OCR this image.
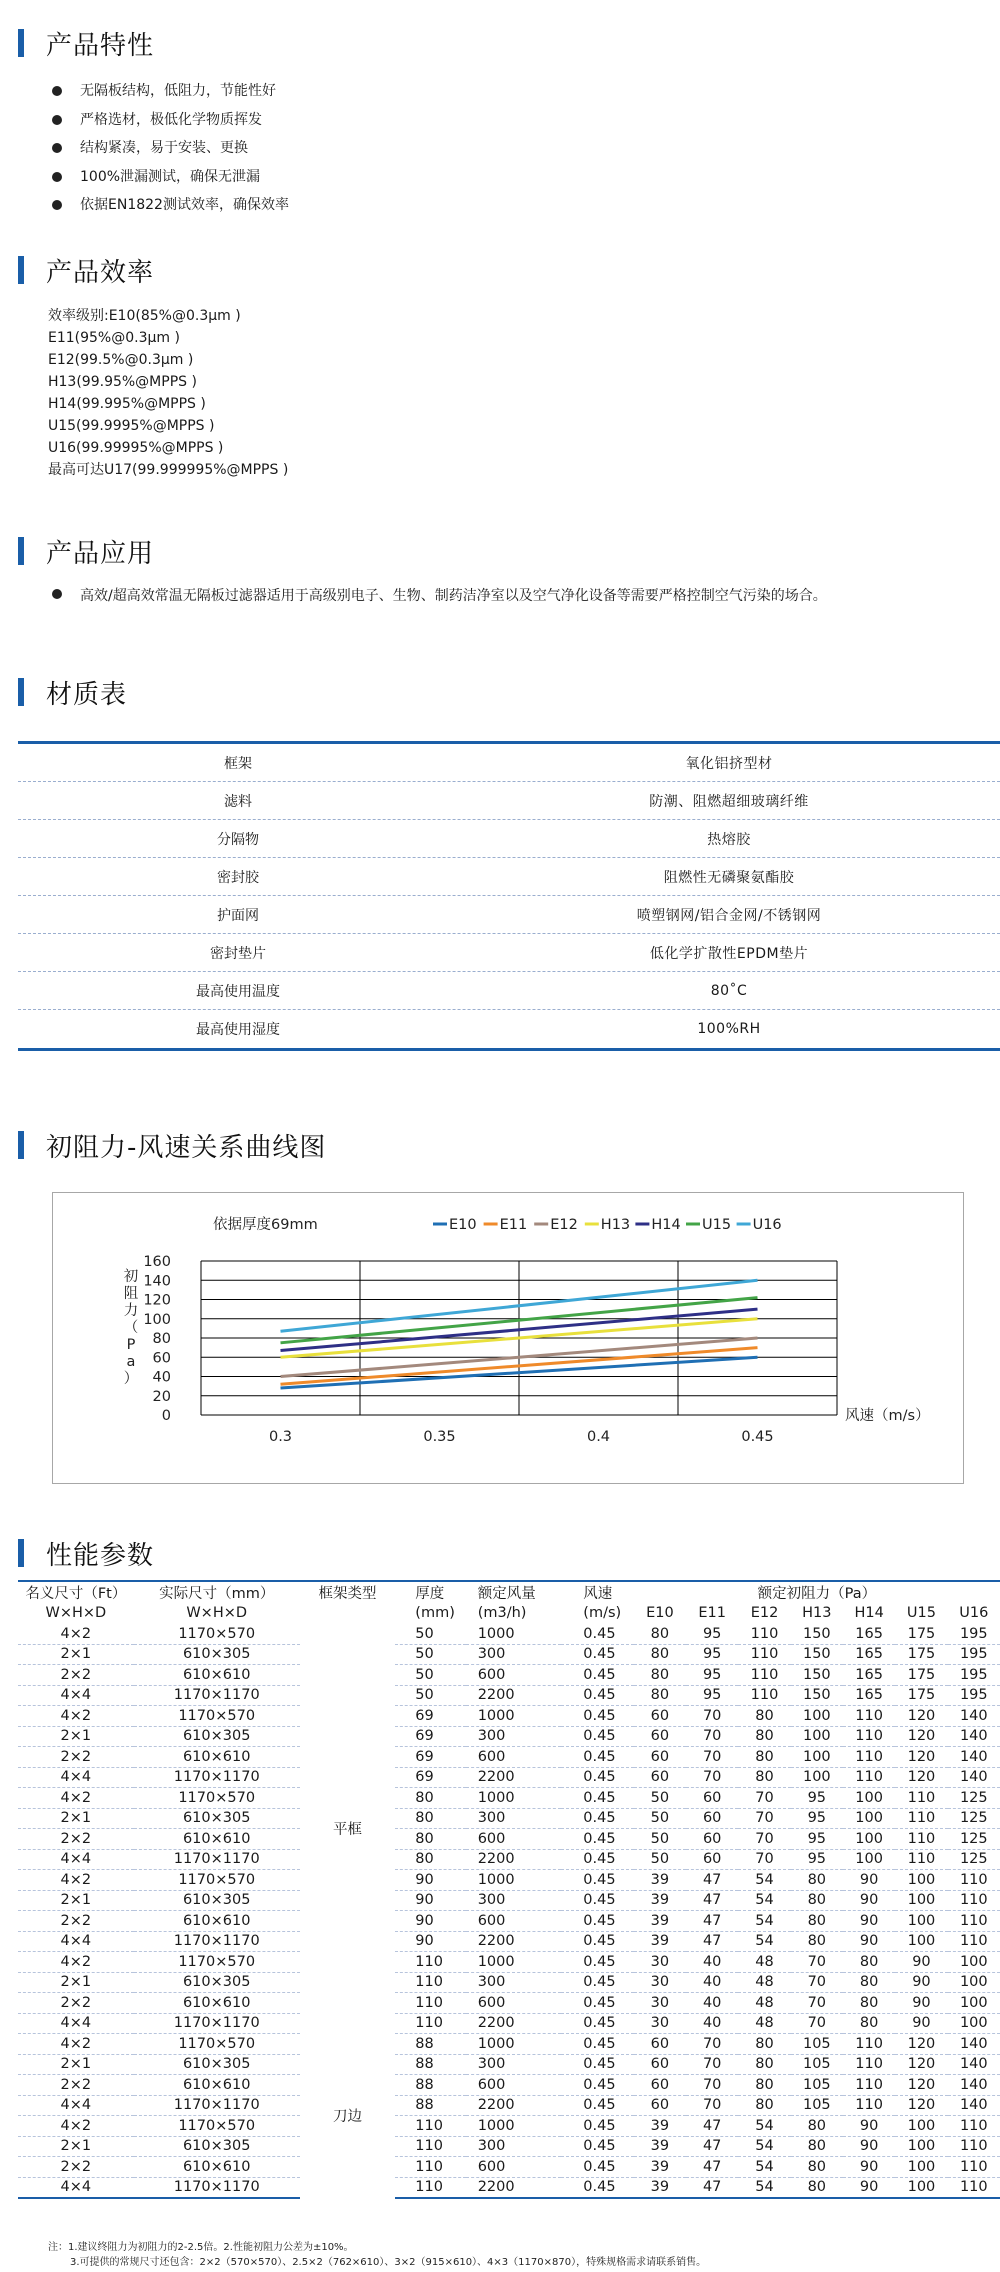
产品特性
无隔板结构，低阻力，节能性好
严格选材，极低化学物质挥发
结构紧凑，易于安装、更换
100%泄漏测试，确保无泄漏
依据EN1822测试效率，确保效率
产品效率
效率级别:E10(85%@0.3μm )
E11(95%@0.3μm )
E12(99.5%@0.3μm )
H13(99.95%@MPPS )
H14(99.995%@MPPS )
U15(99.9995%@MPPS )
U16(99.99995%@MPPS )
最高可达U17(99.999995%@MPPS )
产品应用
高效/超高效常温无隔板过滤器适用于高级别电子、生物、制药洁净室以及空气净化设备等需要严格控制空气污染的场合。
材质表
框架	氧化铝挤型材
滤料	防潮、阻燃超细玻璃纤维
分隔物	热熔胶
密封胶	阻燃性无磷聚氨酯胶
护面网	喷塑钢网/铝合金网/不锈钢网
密封垫片	低化学扩散性EPDM垫片
最高使用温度	80˚C
最高使用湿度	100%RH
初阻力-风速关系曲线图
依据厚度69mm	E10 E11 E12 H13 H14 U15 U16
0
20
40
60
80
100
120
140
160
0.3	0.35	0.4	0.45
风速（m/s）
初
阻
力
（
P
a
）
性能参数
名义尺寸（Ft）	实际尺寸（mm）	框架类型	厚度	额定风量	风速	额定初阻力（Pa）						
W×H×D	W×H×D		(mm)	(m3/h)	(m/s)	E10	E11	E12	H13	H14	U15	U16
4×2	1170×570	平框	50	1000	0.45	80	95	110	150	165	175	195
2×1	610×305		50	300	0.45	80	95	110	150	165	175	195
2×2	610×610		50	600	0.45	80	95	110	150	165	175	195
4×4	1170×1170		50	2200	0.45	80	95	110	150	165	175	195
4×2	1170×570		69	1000	0.45	60	70	80	100	110	120	140
2×1	610×305		69	300	0.45	60	70	80	100	110	120	140
2×2	610×610		69	600	0.45	60	70	80	100	110	120	140
4×4	1170×1170		69	2200	0.45	60	70	80	100	110	120	140
4×2	1170×570		80	1000	0.45	50	60	70	95	100	110	125
2×1	610×305		80	300	0.45	50	60	70	95	100	110	125
2×2	610×610		80	600	0.45	50	60	70	95	100	110	125
4×4	1170×1170		80	2200	0.45	50	60	70	95	100	110	125
4×2	1170×570		90	1000	0.45	39	47	54	80	90	100	110
2×1	610×305		90	300	0.45	39	47	54	80	90	100	110
2×2	610×610		90	600	0.45	39	47	54	80	90	100	110
4×4	1170×1170		90	2200	0.45	39	47	54	80	90	100	110
4×2	1170×570		110	1000	0.45	30	40	48	70	80	90	100
2×1	610×305		110	300	0.45	30	40	48	70	80	90	100
2×2	610×610		110	600	0.45	30	40	48	70	80	90	100
4×4	1170×1170		110	2200	0.45	30	40	48	70	80	90	100
4×2	1170×570	刀边	88	1000	0.45	60	70	80	105	110	120	140
2×1	610×305		88	300	0.45	60	70	80	105	110	120	140
2×2	610×610		88	600	0.45	60	70	80	105	110	120	140
4×4	1170×1170		88	2200	0.45	60	70	80	105	110	120	140
4×2	1170×570		110	1000	0.45	39	47	54	80	90	100	110
2×1	610×305		110	300	0.45	39	47	54	80	90	100	110
2×2	610×610		110	600	0.45	39	47	54	80	90	100	110
4×4	1170×1170		110	2200	0.45	39	47	54	80	90	100	110
注：1.建议终阻力为初阻力的2-2.5倍。2.性能初阻力公差为±10%。
3.可提供的常规尺寸还包含：2×2（570×570）、2.5×2（762×610）、3×2（915×610）、4×3（1170×870），特殊规格需求请联系销售。
